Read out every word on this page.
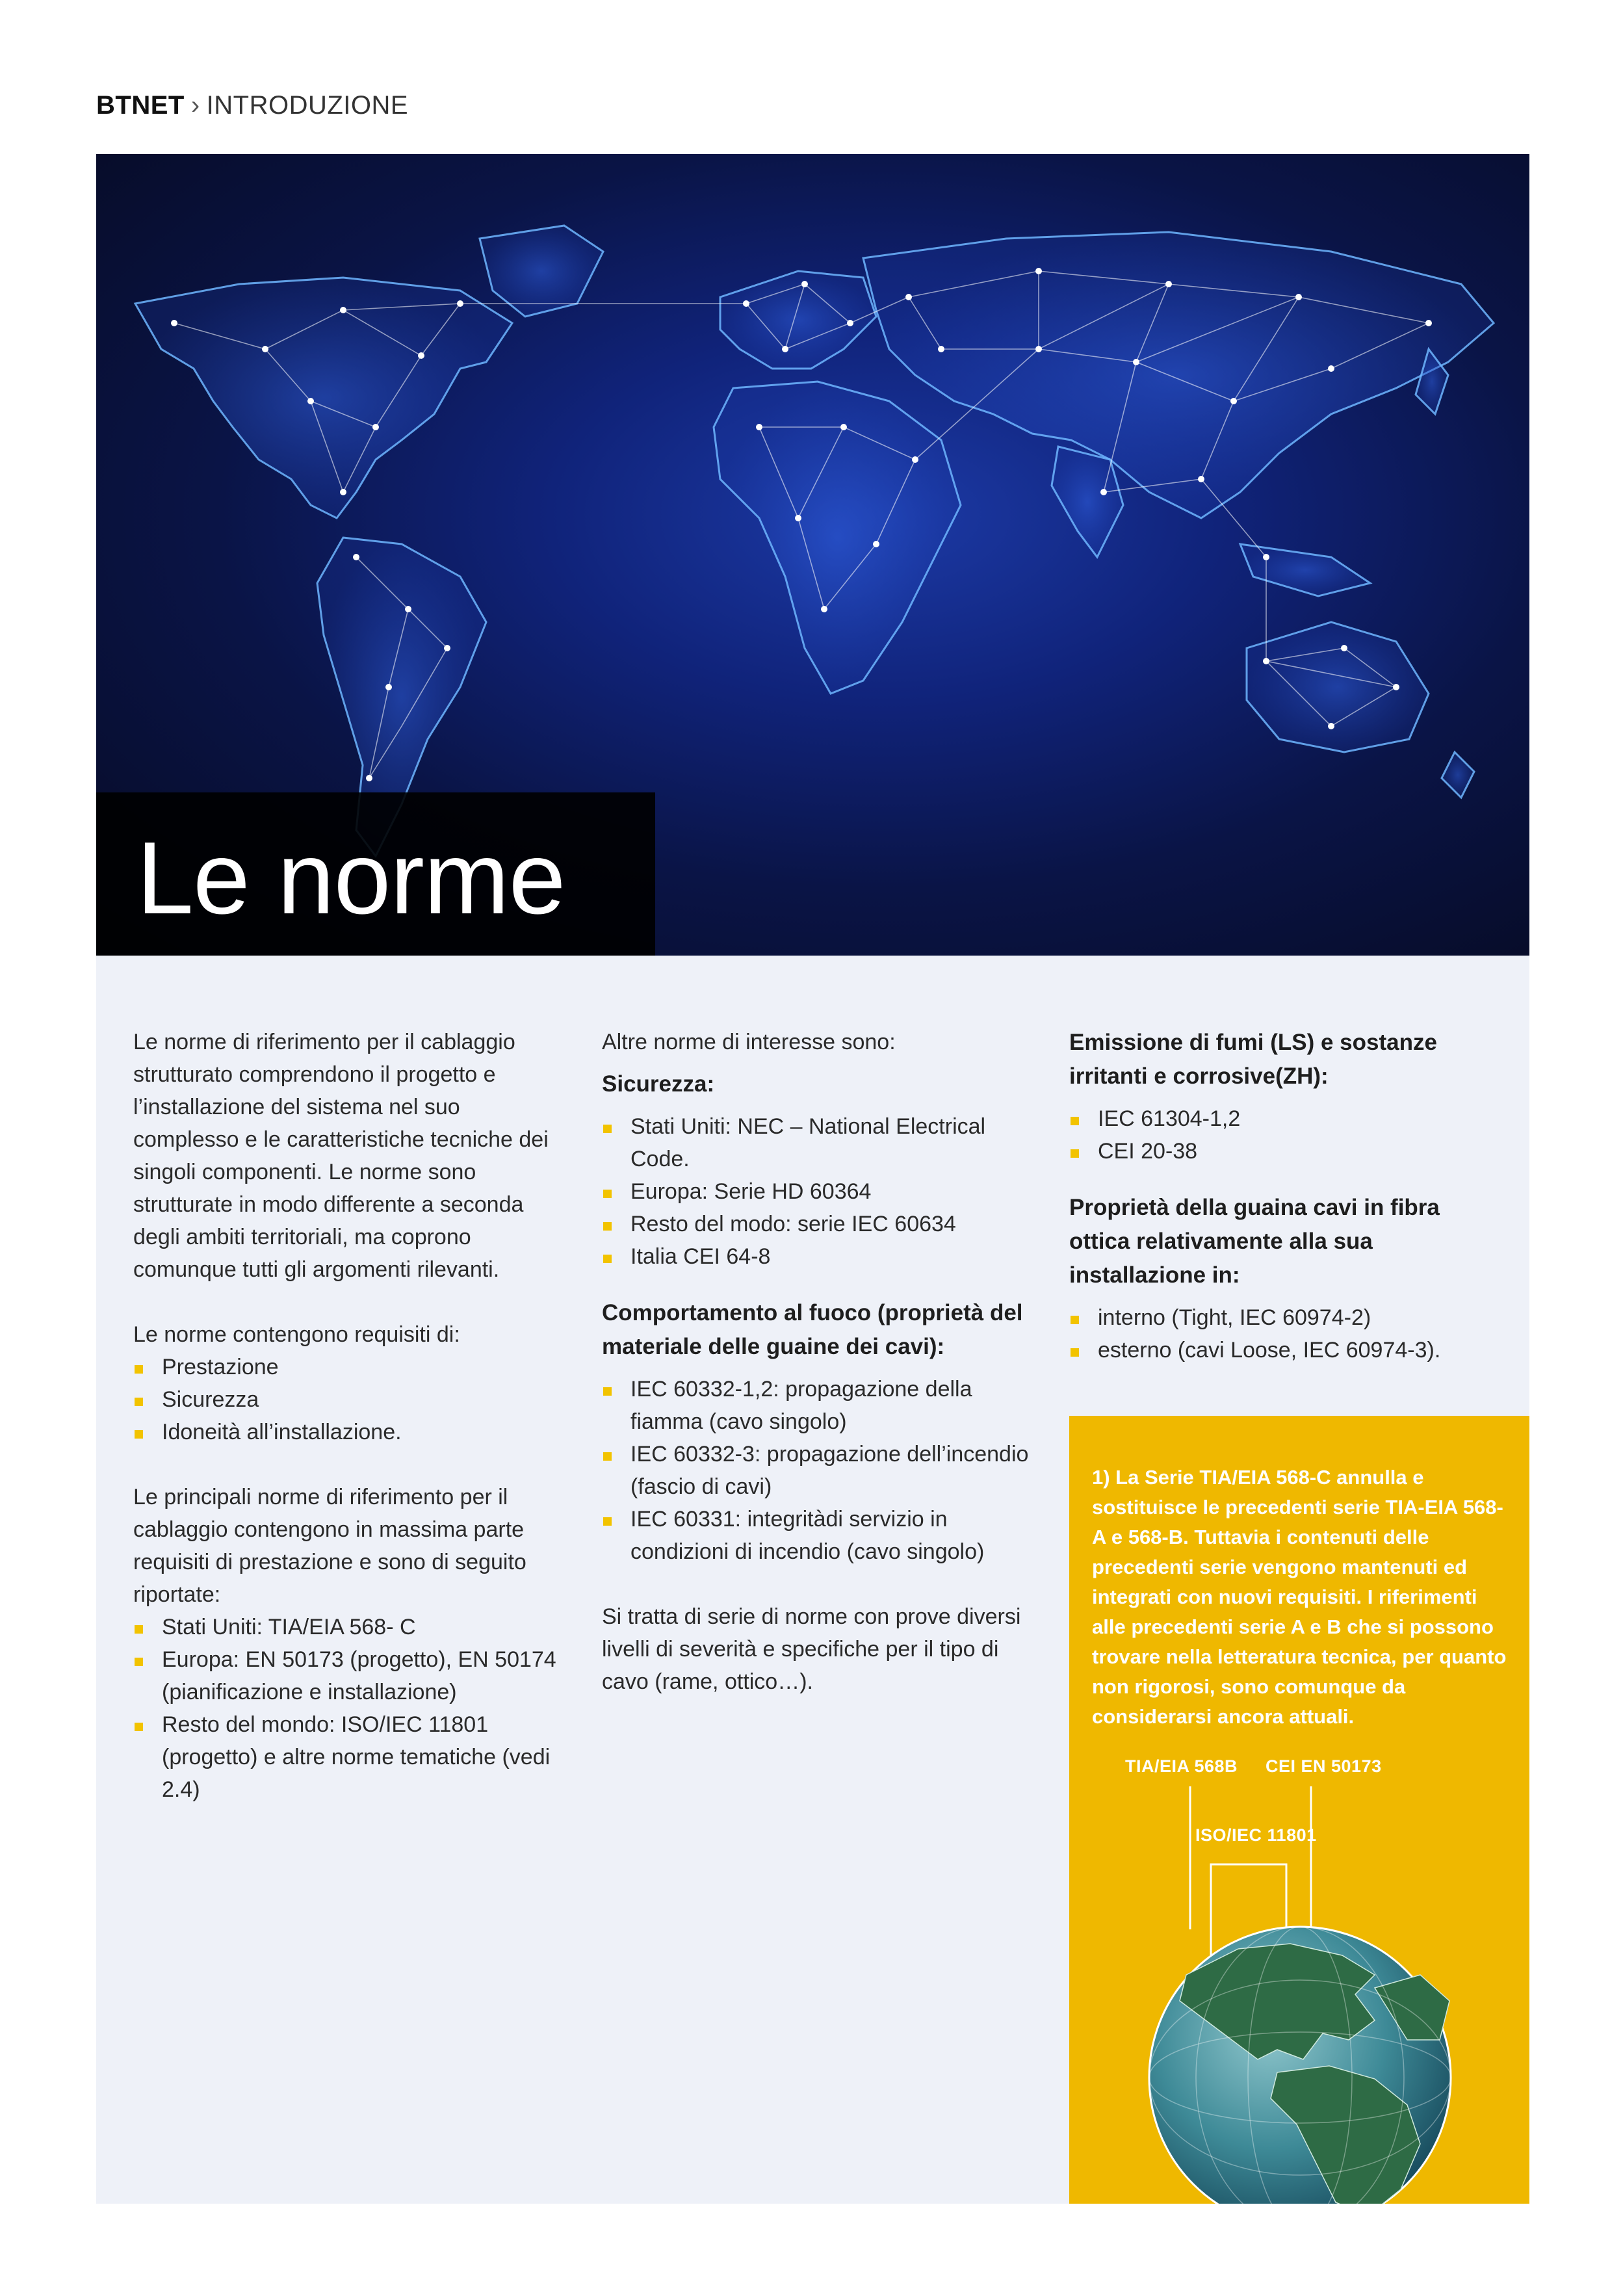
BTNET › INTRODUZIONE
Le norme

Le norme di riferimento per il cablaggio strutturato comprendono il progetto e l’installazione del sistema nel suo complesso e le caratteristiche tecniche dei singoli componenti. Le norme sono strutturate in modo differente a seconda degli ambiti territoriali, ma coprono comunque tutti gli argomenti rilevanti.

Le norme contengono requisiti di:

Prestazione
Sicurezza
Idoneità all’installazione.

Le principali norme di riferimento per il cablaggio contengono in massima parte requisiti di prestazione e sono di seguito riportate:

Stati Uniti: TIA/EIA 568- C
Europa: EN 50173 (progetto), EN 50174 (pianificazione e installazione)
Resto del mondo: ISO/IEC 11801 (progetto) e altre norme tematiche (vedi 2.4)

Altre norme di interesse sono:

Sicurezza:
Stati Uniti: NEC – National Electrical Code.
Europa: Serie HD 60364
Resto del modo: serie IEC 60634
Italia CEI 64-8
Comportamento al fuoco (proprietà del materiale delle guaine dei cavi):
IEC 60332-1,2: propagazione della fiamma (cavo singolo)
IEC 60332-3: propagazione dell’incendio (fascio di cavi)
IEC 60331: integritàdi servizio in condizioni di incendio (cavo singolo)

Si tratta di serie di norme con prove diversi livelli di severità e specifiche per il tipo di cavo (rame, ottico…).

Emissione di fumi (LS) e sostanze irritanti e corrosive(ZH):
IEC 61304-1,2
CEI 20-38
Proprietà della guaina cavi in fibra ottica relativamente alla sua installazione in:
interno (Tight, IEC 60974-2)
esterno (cavi Loose, IEC 60974-3).

1) La Serie TIA/EIA 568-C annulla e sostituisce le precedenti serie TIA-EIA 568-A e 568-B. Tuttavia i contenuti delle precedenti serie vengono mantenuti ed integrati con nuovi requisiti. I riferimenti alle precedenti serie A e B che si possono trovare nella letteratura tecnica, per quanto non rigorosi, sono comunque da considerarsi ancora attuali.

TIA/EIA 568B CEI EN 50173
ISO/IEC 11801
